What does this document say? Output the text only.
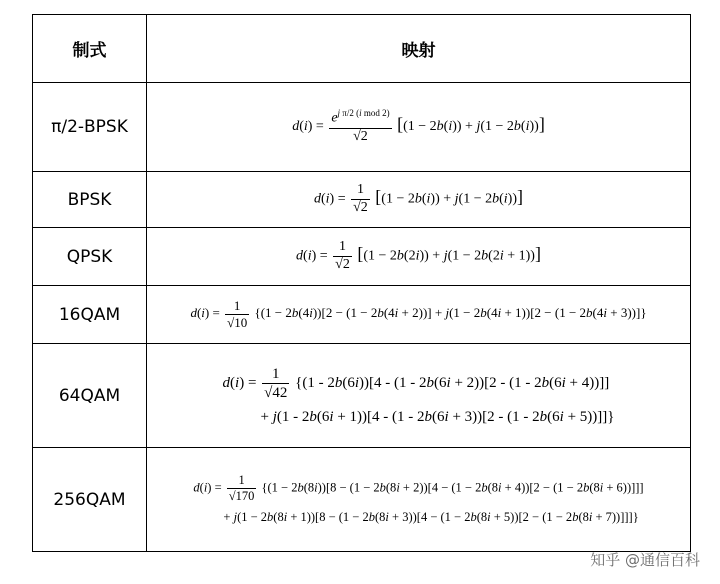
制式	映射
π/2-BPSK	$d(i) = \frac{e^{j \pi/2 (i mod 2)}}{√2} [(1 - 2b(i)) + j(1 - 2b(i))]$
BPSK	$d(i) = \frac{1}{√2} [(1 - 2b(i)) + j(1 - 2b(i))]$
QPSK	$d(i) = \frac{1}{√2} [(1 - 2b(2i)) + j(1 - 2b(2i + 1))]$
16QAM	$d(i) = \frac{1}{√10} \{(1 - 2b(4i))[2 - (1 - 2b(4i + 2))] + j(1 - 2b(4i + 1))[2 - (1 - 2b(4i + 3))]\}$
64QAM	$d(i) = \frac{1}{√42} \{(1 - 2b(6i))[4 - (1 - 2b(6i + 2))[2 - (1 - 2b(6i + 4))]]$
+ j(1 - 2b(6i + 1))[4 - (1 - 2b(6i + 3))[2 - (1 - 2b(6i + 5))]]}

256QAM	$d(i) = \frac{1}{√170} \{(1 - 2b(8i))[8 - (1 - 2b(8i + 2))[4 - (1 - 2b(8i + 4))[2 - (1 - 2b(8i + 6))]]]$
+ j(1 − 2b(8i + 1))[8 − (1 − 2b(8i + 3))[4 − (1 − 2b(8i + 5))[2 − (1 − 2b(8i + 7))]]]}
知乎 @通信百科
